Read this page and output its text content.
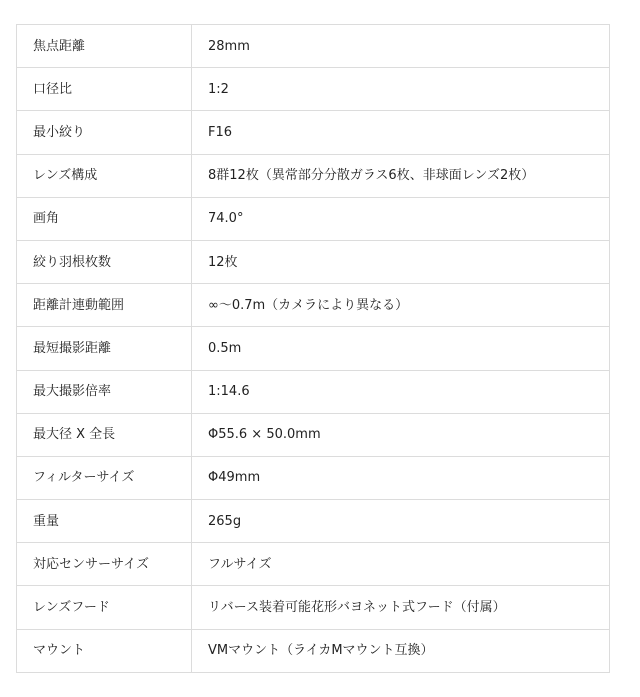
焦点距離	28mm
口径比	1:2
最小絞り	F16
レンズ構成	8群12枚（異常部分分散ガラス6枚、非球面レンズ2枚）
画角	74.0°
絞り羽根枚数	12枚
距離計連動範囲	∞〜0.7m（カメラにより異なる）
最短撮影距離	0.5m
最大撮影倍率	1:14.6
最大径 X 全長	Φ55.6 × 50.0mm
フィルターサイズ	Φ49mm
重量	265g
対応センサーサイズ	フルサイズ
レンズフード	リバース装着可能花形バヨネット式フード（付属）
マウント	VMマウント（ライカMマウント互換）
